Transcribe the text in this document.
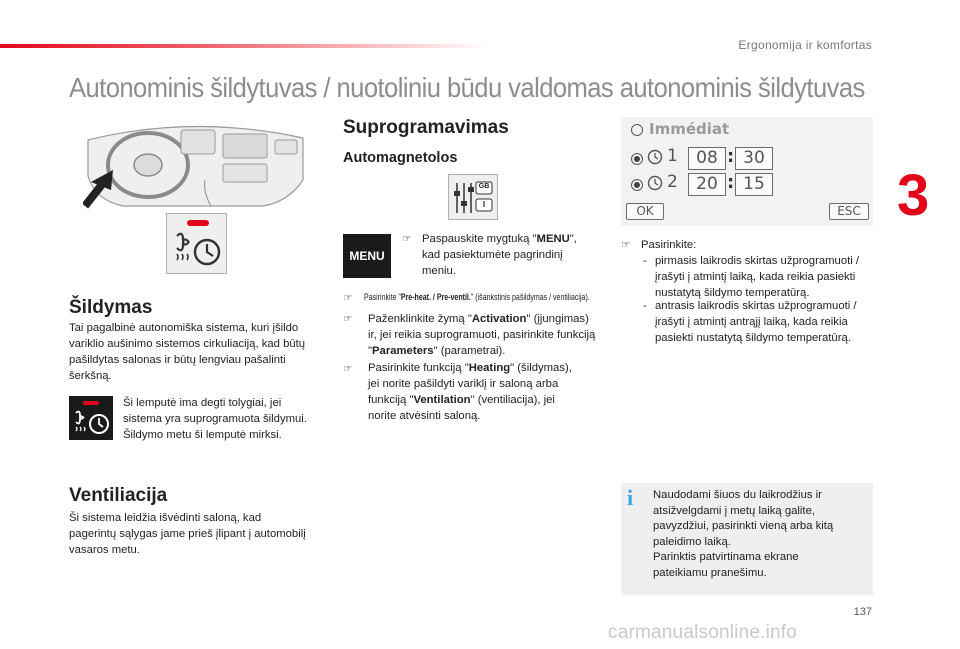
Ergonomija ir komfortas
Autonominis šildytuvas / nuotoliniu būdu valdomas autonominis šildytuvas
3
Šildymas
Tai pagalbinė autonomiška sistema, kuri įšildo
variklio aušinimo sistemos cirkuliaciją, kad būtų
pašildytas salonas ir būtų lengviau pašalinti
šerkšną.
Ši lemputė ima degti tolygiai, jei
sistema yra suprogramuota šildymui.
Šildymo metu ši lemputė mirksi.
Ventiliacija
Ši sistema leidžia išvėdinti saloną, kad
pagerintų sąlygas jame prieš įlipant į automobilį
vasaros metu.
Suprogramavimas
Automagnetolos
GB
I
MENU
☞ Paspauskite mygtuką "MENU",
kad pasiektumėte pagrindinį
meniu.
☞ Pasirinkite "Pre-heat. / Pre-ventil." (išankstinis pašildymas / ventiliacija).
☞ Paženklinkite žymą "Activation" (įjungimas)
ir, jei reikia suprogramuoti, pasirinkite funkciją
"Parameters" (parametrai).
☞ Pasirinkite funkciją "Heating" (šildymas),
jei norite pašildyti variklį ir saloną arba
funkciją "Ventilation" (ventiliacija), jei
norite atvėsinti saloną.
Immédiat
1	08 : 30
2	20 : 15
OK	ESC
☞ Pasirinkite:
- pirmasis laikrodis skirtas užprogramuoti /
įrašyti į atmintį laiką, kada reikia pasiekti
nustatytą šildymo temperatūrą.
- antrasis laikrodis skirtas užprogramuoti /
įrašyti į atmintį antrąjį laiką, kada reikia
pasiekti nustatytą šildymo temperatūrą.
i Naudodami šiuos du laikrodžius ir
atsižvelgdami į metų laiką galite,
pavyzdžiui, pasirinkti vieną arba kitą
paleidimo laiką.
Parinktis patvirtinama ekrane
pateikiamu pranešimu.
137
carmanualsonline.info
